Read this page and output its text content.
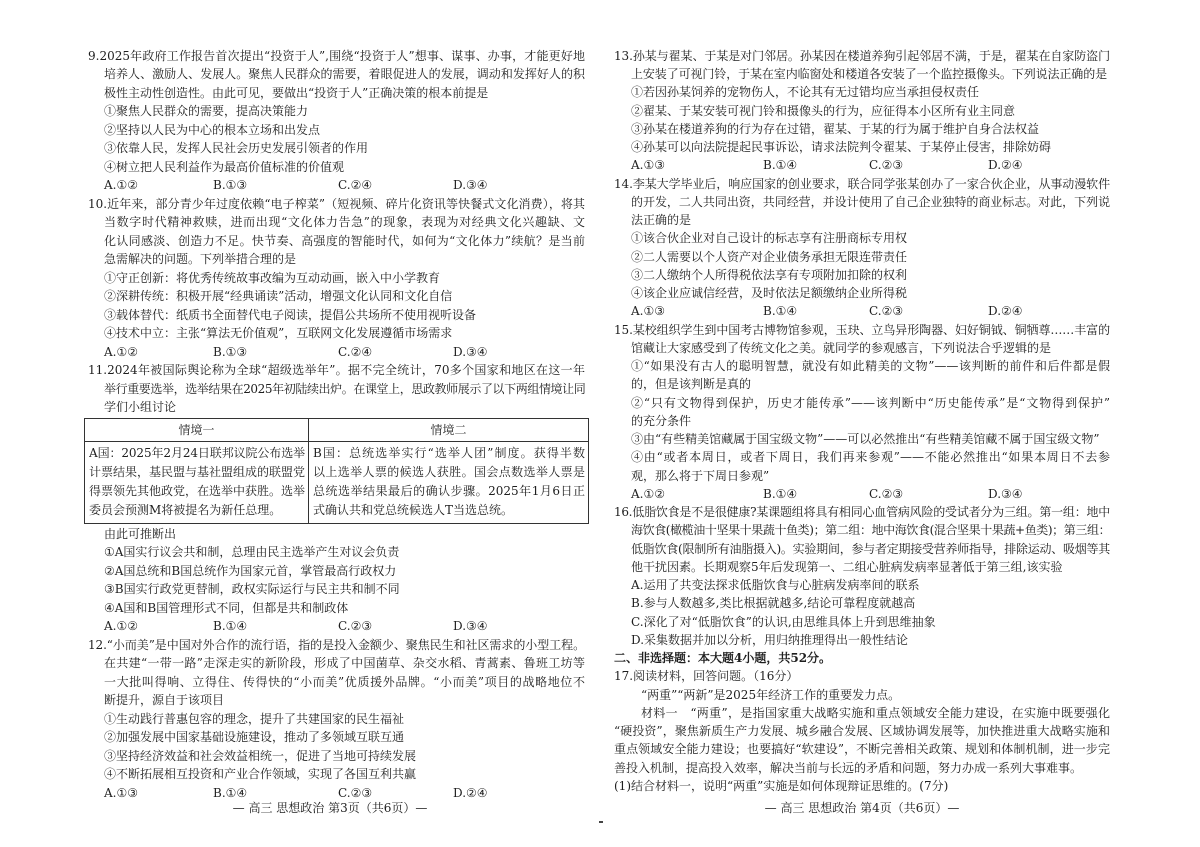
9.2025年政府工作报告首次提出“投资于人”,围绕“投资于人”想事、谋事、办事，才能更好地
培养人、激励人、发展人。聚焦人民群众的需要，着眼促进人的发展，调动和发挥好人的积
极性主动性创造性。由此可见，要做出“投资于人”正确决策的根本前提是
①聚焦人民群众的需要，提高决策能力
②坚持以人民为中心的根本立场和出发点
③依靠人民，发挥人民社会历史发展引领者的作用
④树立把人民利益作为最高价值标准的价值观
A.①②	B.①③	C.②④	D.③④
10.近年来，部分青少年过度依赖“电子榨菜”（短视频、碎片化资讯等快餐式文化消费），将其
当数字时代精神救赎，进而出现“文化体力告急”的现象，表现为对经典文化兴趣缺、文
化认同感淡、创造力不足。快节奏、高强度的智能时代，如何为“文化体力”续航？是当前
急需解决的问题。下列举措合理的是
①守正创新：将优秀传统故事改编为互动动画，嵌入中小学教育
②深耕传统：积极开展“经典诵读”活动，增强文化认同和文化自信
③载体替代：纸质书全面替代电子阅读，提倡公共场所不使用视听设备
④技术中立：主张“算法无价值观”，互联网文化发展遵循市场需求
A.①②	B.①③	C.②④	D.③④
11.2024年被国际舆论称为全球“超级选举年”。据不完全统计，70多个国家和地区在这一年
举行重要选举，选举结果在2025年初陆续出炉。在课堂上，思政教师展示了以下两组情境让同
学们小组讨论
情境一	情境二
A国：2025年2月24日联邦议院公布选举
计票结果，基民盟与基社盟组成的联盟党
得票领先其他政党，在选举中获胜。选举
委员会预测M将被提名为新任总理。
B国：总统选举实行“选举人团”制度。获得半数
以上选举人票的候选人获胜。国会点数选举人票是
总统选举结果最后的确认步骤。2025年1月6日正
式确认共和党总统候选人T当选总统。
由此可推断出
①A国实行议会共和制，总理由民主选举产生对议会负责
②A国总统和B国总统作为国家元首，掌管最高行政权力
③B国实行政党更替制，政权实际运行与民主共和制不同
④A国和B国管理形式不同，但都是共和制政体
A.①②	B.①④	C.②③	D.③④
12.“小而美”是中国对外合作的流行语，指的是投入金额少、聚焦民生和社区需求的小型工程。
在共建“一带一路”走深走实的新阶段，形成了中国菌草、杂交水稻、青蒿素、鲁班工坊等
一大批叫得响、立得住、传得快的“小而美”优质援外品牌。“小而美”项目的战略地位不
断提升，源自于该项目
①生动践行普惠包容的理念，提升了共建国家的民生福祉
②加强发展中国家基础设施建设，推动了多领域互联互通
③坚持经济效益和社会效益相统一，促进了当地可持续发展
④不断拓展相互投资和产业合作领域，实现了各国互利共赢
A.①③	B.①④	C.②③	D.②④
13.孙某与翟某、于某是对门邻居。孙某因在楼道养狗引起邻居不满，于是，翟某在自家防盗门
上安装了可视门铃，于某在室内临窗处和楼道各安装了一个监控摄像头。下列说法正确的是
①若因孙某饲养的宠物伤人，不论其有无过错均应当承担侵权责任
②翟某、于某安装可视门铃和摄像头的行为，应征得本小区所有业主同意
③孙某在楼道养狗的行为存在过错，翟某、于某的行为属于维护自身合法权益
④孙某可以向法院提起民事诉讼，请求法院判令翟某、于某停止侵害，排除妨碍
A.①③	B.①④	C.②③	D.②④
14.李某大学毕业后，响应国家的创业要求，联合同学张某创办了一家合伙企业，从事动漫软件
的开发，二人共同出资，共同经营，并设计使用了自己企业独特的商业标志。对此，下列说
法正确的是
①该合伙企业对自己设计的标志享有注册商标专用权
②二人需要以个人资产对企业债务承担无限连带责任
③二人缴纳个人所得税依法享有专项附加扣除的权利
④该企业应诚信经营，及时依法足额缴纳企业所得税
A.①③	B.①④	C.②③	D.②④
15.某校组织学生到中国考古博物馆参观，玉玦、立鸟异形陶器、妇好铜钺、铜牺尊……丰富的
馆藏让大家感受到了传统文化之美。就同学的参观感言，下列说法合乎逻辑的是
①“如果没有古人的聪明智慧，就没有如此精美的文物”——该判断的前件和后件都是假
的，但是该判断是真的
②“只有文物得到保护，历史才能传承”——该判断中“历史能传承”是“文物得到保护”
的充分条件
③由“有些精美馆藏属于国宝级文物”——可以必然推出“有些精美馆藏不属于国宝级文物”
④由“或者本周日，或者下周日，我们再来参观”——不能必然推出“如果本周日不去参
观，那么将于下周日参观”
A.①②	B.①④	C.②③	D.③④
16.低脂饮食是不是很健康?某课题组将具有相同心血管病风险的受试者分为三组。第一组：地中
海饮食(橄榄油十坚果十果蔬十鱼类)；第二组：地中海饮食(混合坚果十果蔬+鱼类)；第三组：
低脂饮食(限制所有油脂摄入)。实验期间，参与者定期接受营养师指导，排除运动、吸烟等其
他干扰因素。长期观察5年后发现第一、二组心脏病发病率显著低于第三组,该实验
A.运用了共变法探求低脂饮食与心脏病发病率间的联系
B.参与人数越多,类比根据就越多,结论可靠程度就越高
C.深化了对“低脂饮食”的认识,由思维具体上升到思维抽象
D.采集数据并加以分析，用归纳推理得出一般性结论
二、非选择题：本大题4小题，共52分。
17.阅读材料，回答问题。（16分）
“两重”“两新”是2025年经济工作的重要发力点。
材料一　“两重”，是指国家重大战略实施和重点领域安全能力建设，在实施中既要强化
“硬投资”，聚焦新质生产力发展、城乡融合发展、区域协调发展等，加快推进重大战略实施和
重点领域安全能力建设；也要搞好“软建设”，不断完善相关政策、规划和体制机制，进一步完
善投入机制，提高投入效率，解决当前与长远的矛盾和问题，努力办成一系列大事难事。
(1)结合材料一，说明“两重”实施是如何体现辩证思维的。(7分)
— 高三 思想政治 第3页（共6页）—	— 高三 思想政治 第4页（共6页）—
